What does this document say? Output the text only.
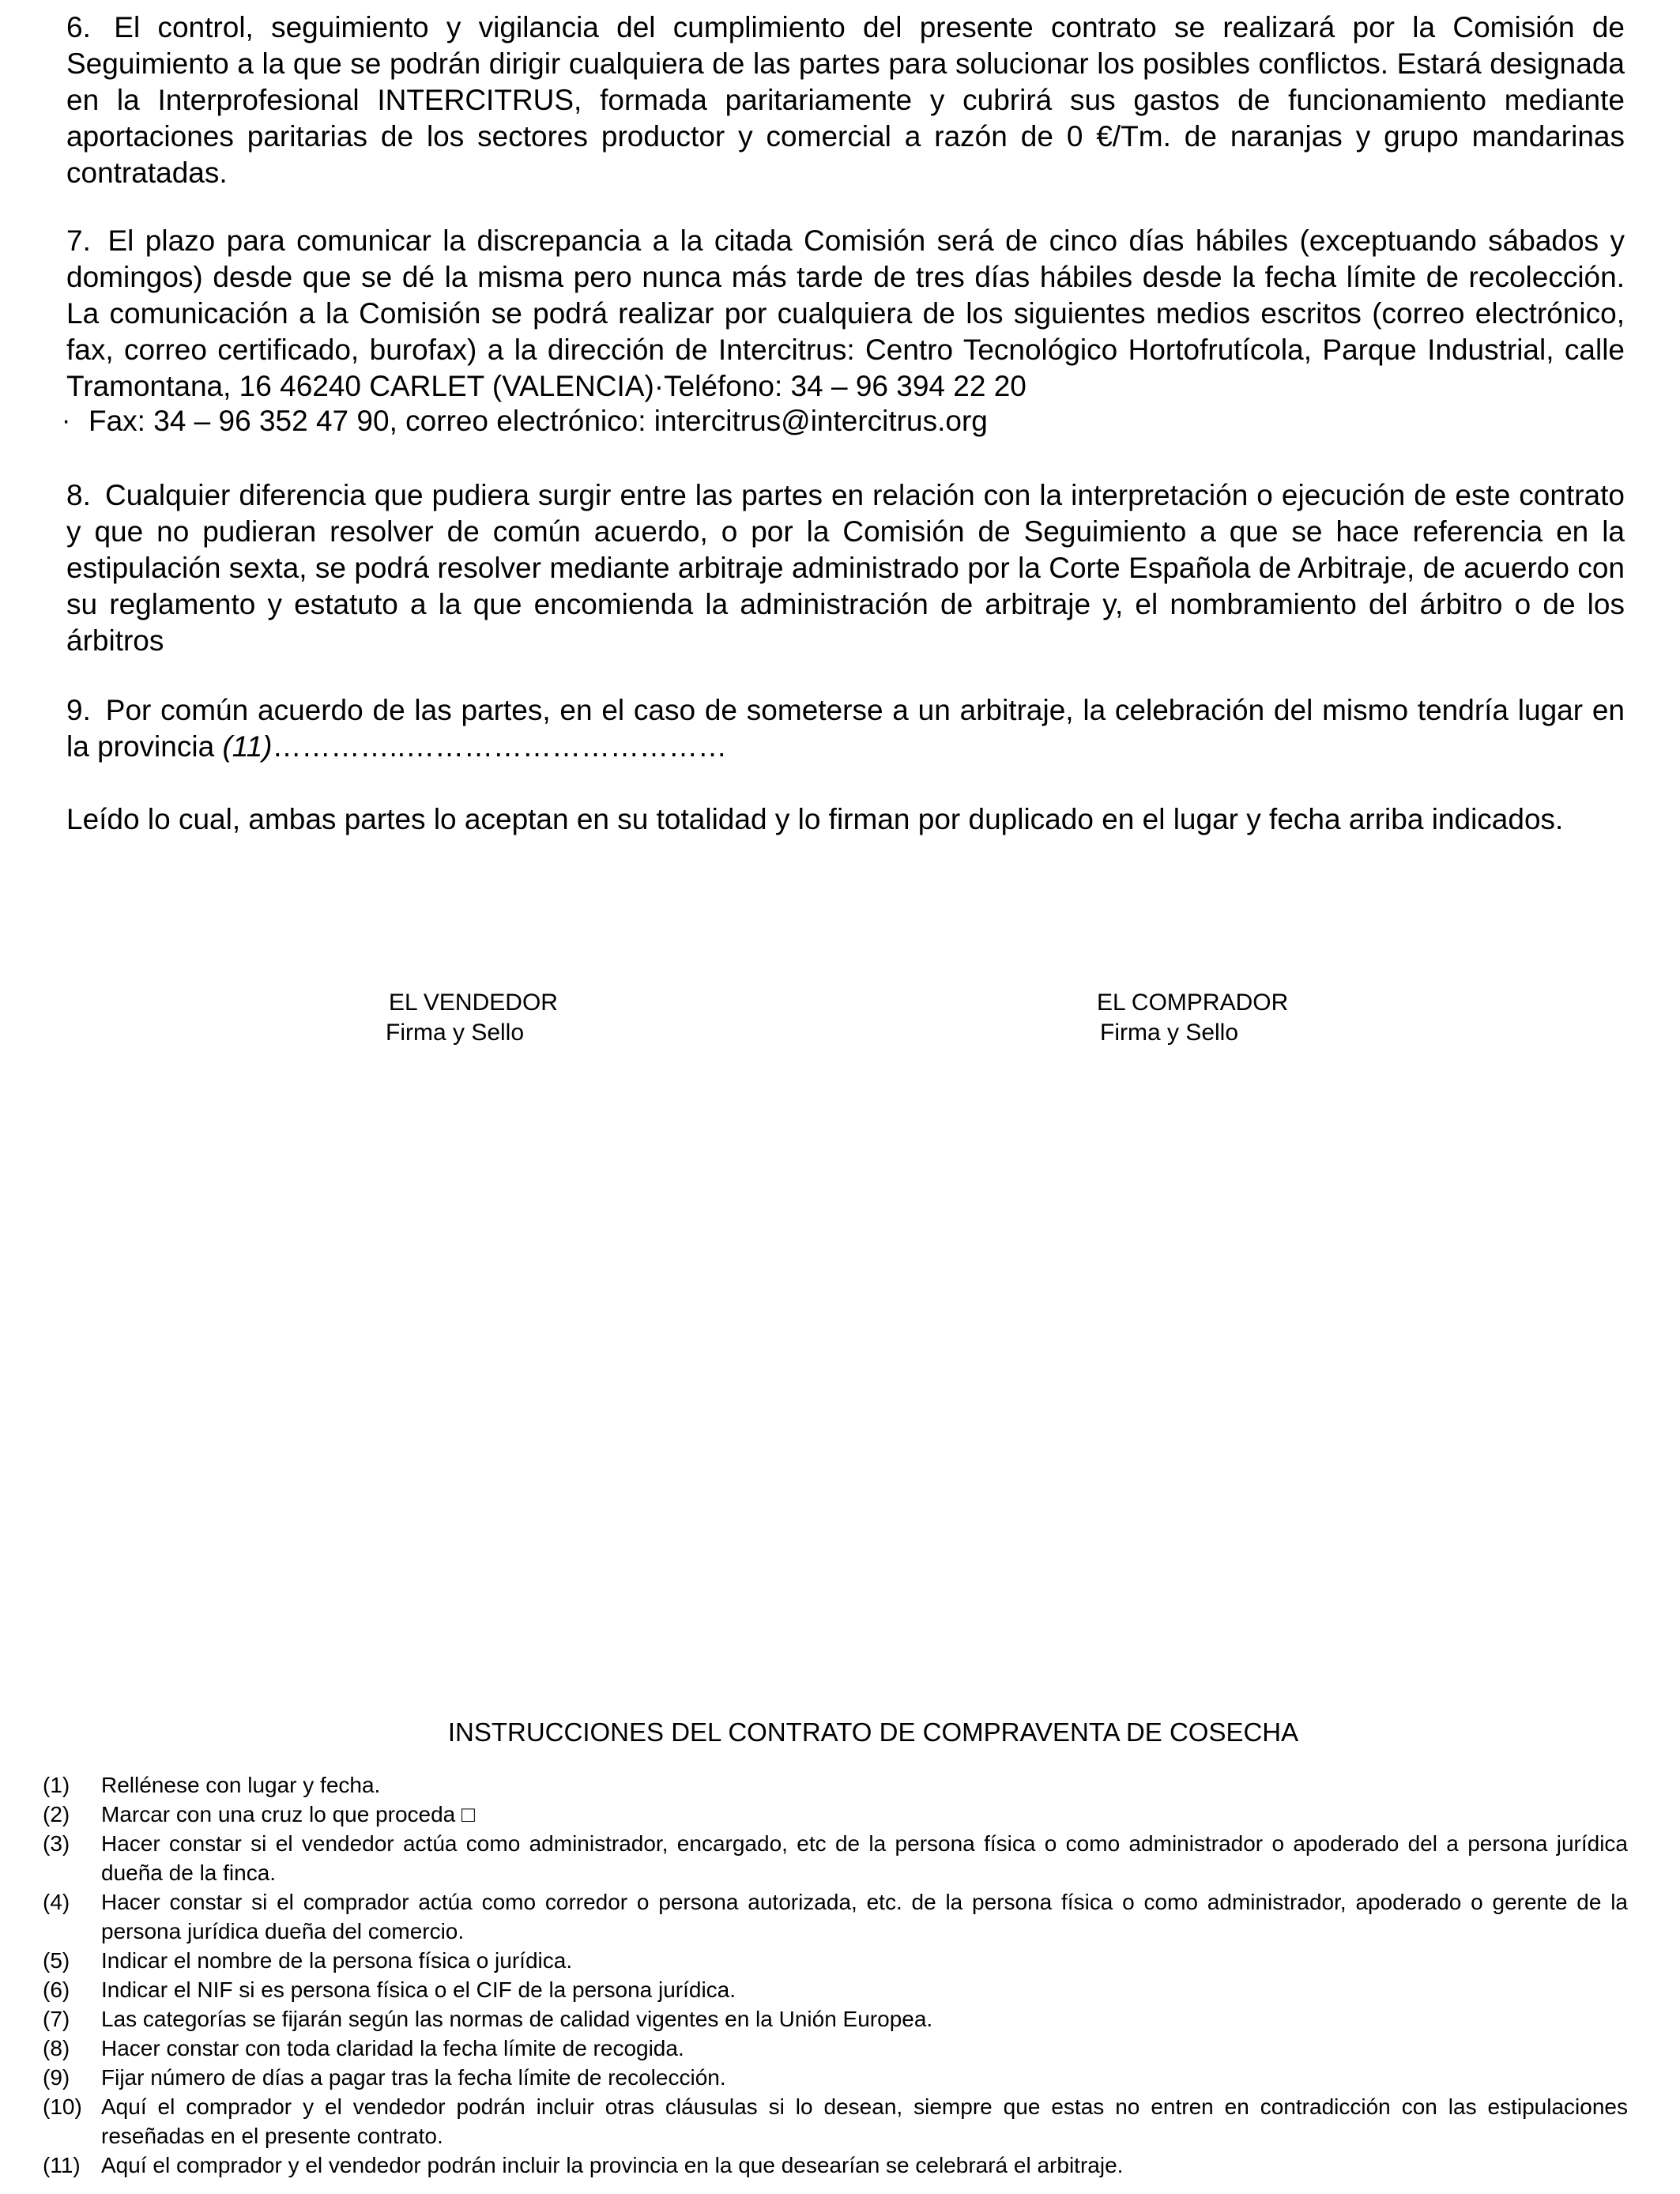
6. El control, seguimiento y vigilancia del cumplimiento del presente contrato se realizará por la Comisión de Seguimiento a la que se podrán dirigir cualquiera de las partes para solucionar los posibles conflictos. Estará designada en la Interprofesional INTERCITRUS, formada paritariamente y cubrirá sus gastos de funcionamiento mediante aportaciones paritarias de los sectores productor y comercial a razón de 0 €/Tm. de naranjas y grupo mandarinas contratadas.

7. El plazo para comunicar la discrepancia a la citada Comisión será de cinco días hábiles (exceptuando sábados y domingos) desde que se dé la misma pero nunca más tarde de tres días hábiles desde la fecha límite de recolección. La comunicación a la Comisión se podrá realizar por cualquiera de los siguientes medios escritos (correo electrónico, fax, correo certificado, burofax) a la dirección de Intercitrus: Centro Tecnológico Hortofrutícola, Parque Industrial, calle Tramontana, 16 46240 CARLET (VALENCIA)·Teléfono: 34 – 96 394 22 20

· Fax: 34 – 96 352 47 90, correo electrónico: intercitrus@intercitrus.org

8. Cualquier diferencia que pudiera surgir entre las partes en relación con la interpretación o ejecución de este contrato y que no pudieran resolver de común acuerdo, o por la Comisión de Seguimiento a que se hace referencia en la estipulación sexta, se podrá resolver mediante arbitraje administrado por la Corte Española de Arbitraje, de acuerdo con su reglamento y estatuto a la que encomienda la administración de arbitraje y, el nombramiento del árbitro o de los árbitros

9. Por común acuerdo de las partes, en el caso de someterse a un arbitraje, la celebración del mismo tendría lugar en la provincia (11)…………..……………………………

Leído lo cual, ambas partes lo aceptan en su totalidad y lo firman por duplicado en el lugar y fecha arriba indicados.

EL VENDEDOR

Firma y Sello

EL COMPRADOR

Firma y Sello

INSTRUCCIONES DEL CONTRATO DE COMPRAVENTA DE COSECHA

(1) Rellénese con lugar y fecha.
(2) Marcar con una cruz lo que proceda □
(3) Hacer constar si el vendedor actúa como administrador, encargado, etc de la persona física o como administrador o apoderado del a persona jurídica dueña de la finca.
(4) Hacer constar si el comprador actúa como corredor o persona autorizada, etc. de la persona física o como administrador, apoderado o gerente de la persona jurídica dueña del comercio.
(5) Indicar el nombre de la persona física o jurídica.
(6) Indicar el NIF si es persona física o el CIF de la persona jurídica.
(7) Las categorías se fijarán según las normas de calidad vigentes en la Unión Europea.
(8) Hacer constar con toda claridad la fecha límite de recogida.
(9) Fijar número de días a pagar tras la fecha límite de recolección.
(10) Aquí el comprador y el vendedor podrán incluir otras cláusulas si lo desean, siempre que estas no entren en contradicción con las estipulaciones reseñadas en el presente contrato.
(11) Aquí el comprador y el vendedor podrán incluir la provincia en la que desearían se celebrará el arbitraje.
